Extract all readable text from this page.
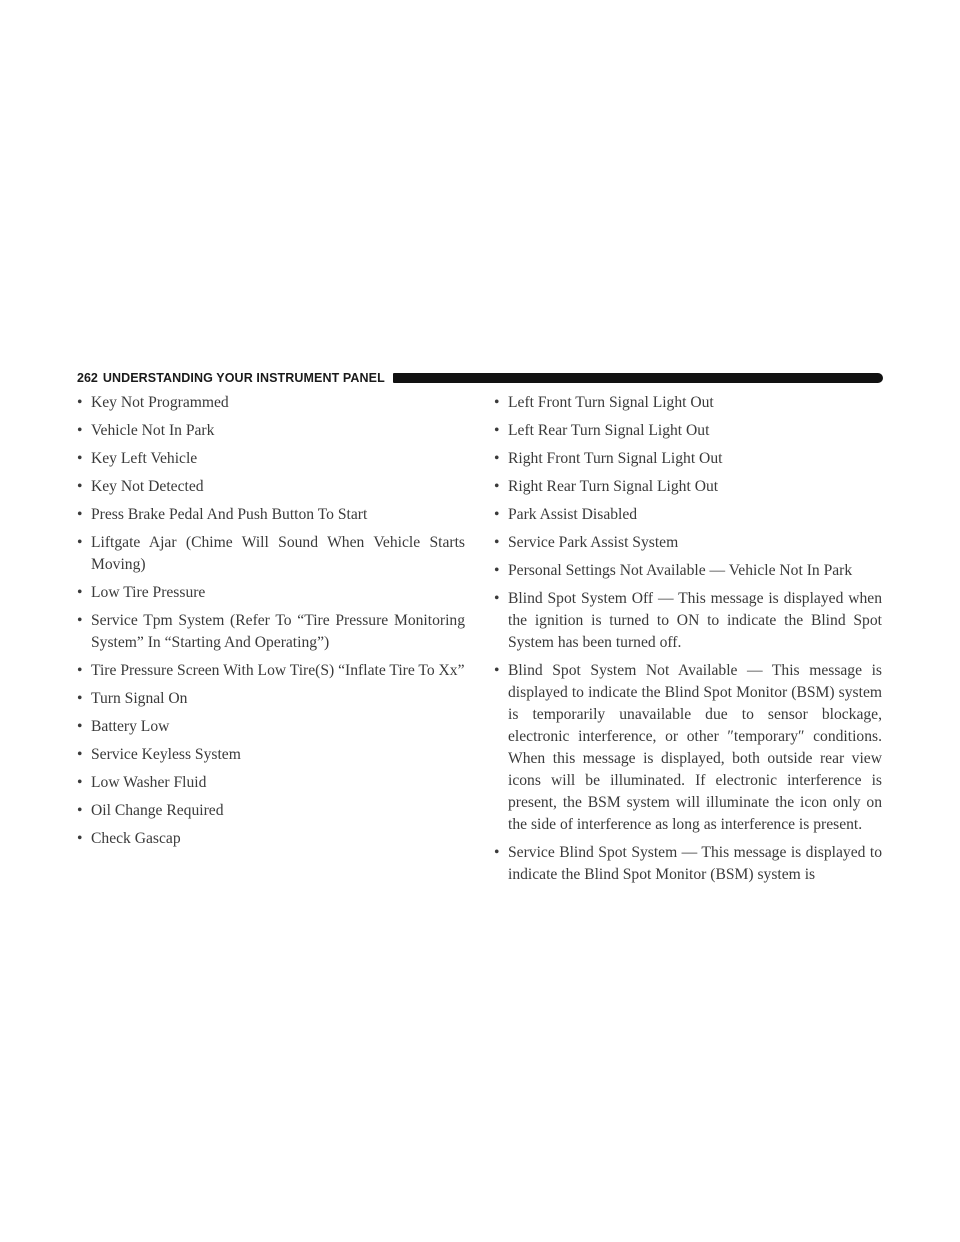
262 UNDERSTANDING YOUR INSTRUMENT PANEL
• Key Not Programmed
• Vehicle Not In Park
• Key Left Vehicle
• Key Not Detected
• Press Brake Pedal And Push Button To Start
• Liftgate Ajar (Chime Will Sound When Vehicle Starts Moving)
• Low Tire Pressure
• Service Tpm System (Refer To “Tire Pressure Monitoring System” In “Starting And Operating”)
• Tire Pressure Screen With Low Tire(S) “Inflate Tire To Xx”
• Turn Signal On
• Battery Low
• Service Keyless System
• Low Washer Fluid
• Oil Change Required
• Check Gascap
• Left Front Turn Signal Light Out
• Left Rear Turn Signal Light Out
• Right Front Turn Signal Light Out
• Right Rear Turn Signal Light Out
• Park Assist Disabled
• Service Park Assist System
• Personal Settings Not Available — Vehicle Not In Park
• Blind Spot System Off — This message is displayed when the ignition is turned to ON to indicate the Blind Spot System has been turned off.
• Blind Spot System Not Available — This message is displayed to indicate the Blind Spot Monitor (BSM) system is temporarily unavailable due to sensor blockage, electronic interference, or other ″temporary″ conditions. When this message is displayed, both outside rear view icons will be illuminated. If electronic interference is present, the BSM system will illuminate the icon only on the side of interference as long as interference is present.
• Service Blind Spot System — This message is displayed to indicate the Blind Spot Monitor (BSM) system is
